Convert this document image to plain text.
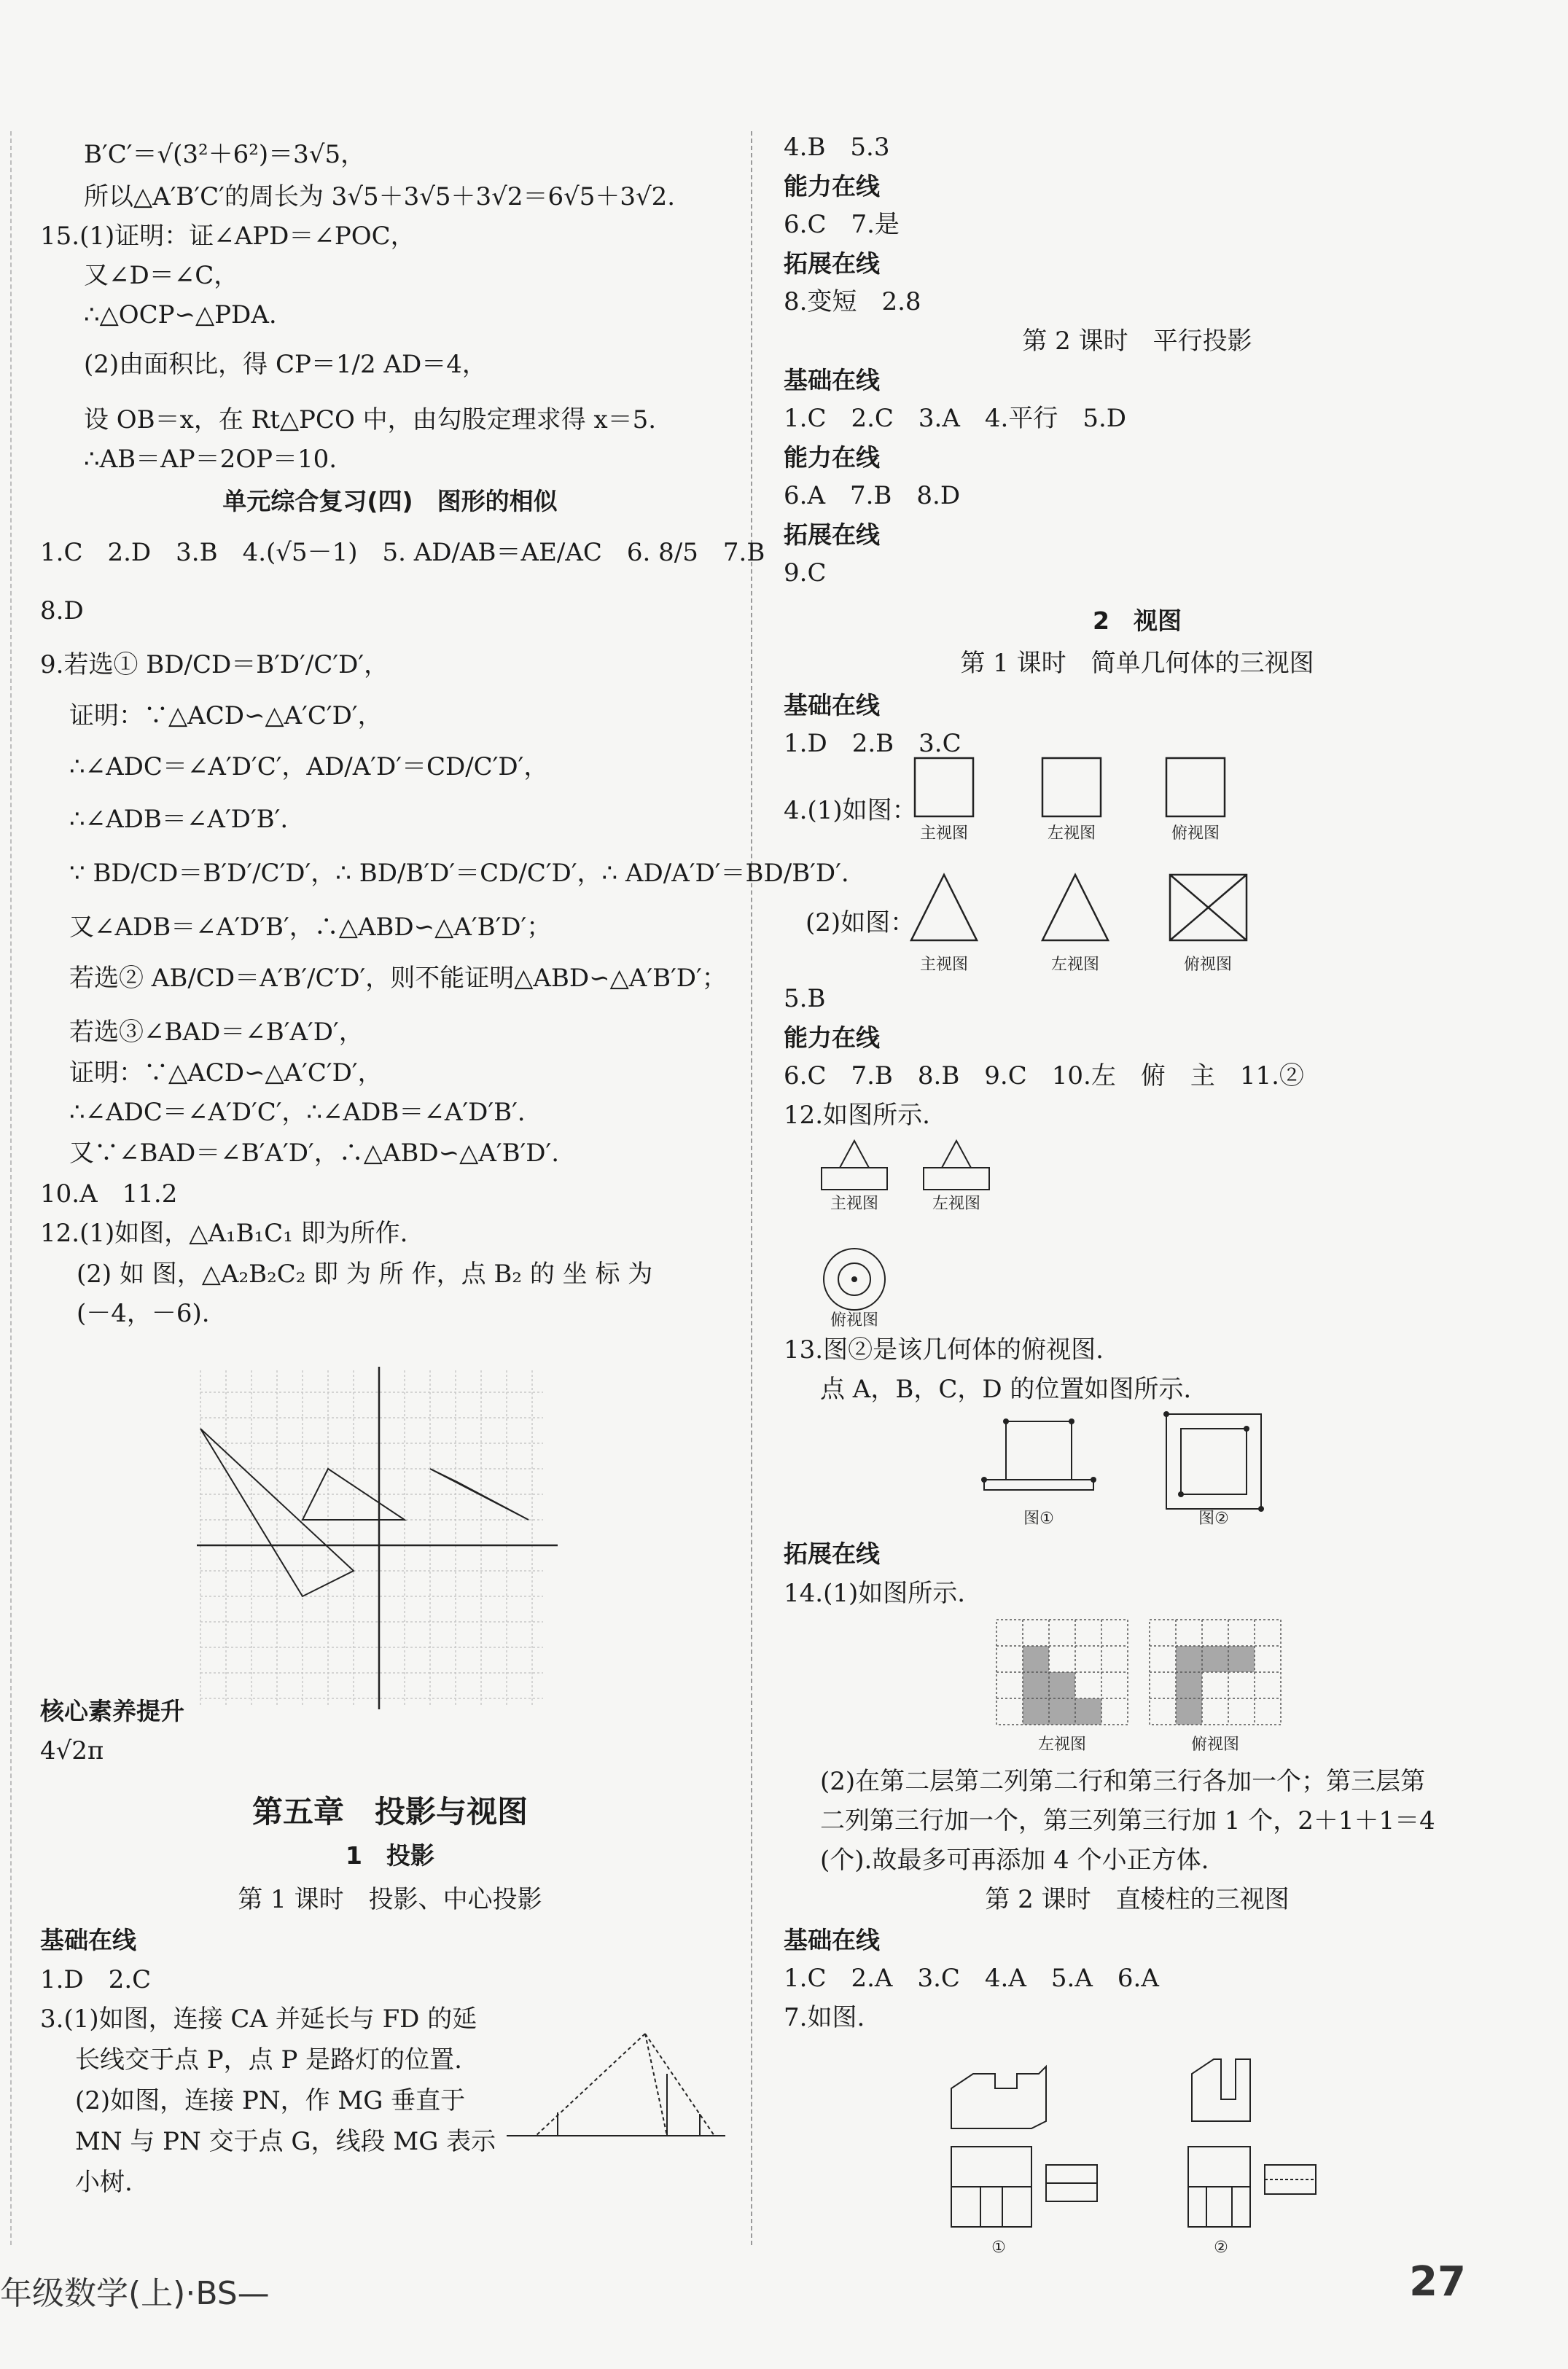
B′C′＝√(3²＋6²)＝3√5，
所以△A′B′C′的周长为 3√5＋3√5＋3√2＝6√5＋3√2.
15.(1)证明：证∠APD＝∠POC，
又∠D＝∠C，
∴△OCP∽△PDA.
(2)由面积比，得 CP＝1/2 AD＝4，
设 OB＝x，在 Rt△PCO 中，由勾股定理求得 x＝5.
∴AB＝AP＝2OP＝10.
单元综合复习(四)　图形的相似
1.C　2.D　3.B　4.(√5－1)　5. AD/AB＝AE/AC　6. 8/5　7.B
8.D
9.若选① BD/CD＝B′D′/C′D′，
证明：∵△ACD∽△A′C′D′，
∴∠ADC＝∠A′D′C′，AD/A′D′＝CD/C′D′，
∴∠ADB＝∠A′D′B′.
∵ BD/CD＝B′D′/C′D′，∴ BD/B′D′＝CD/C′D′，∴ AD/A′D′＝BD/B′D′.
又∠ADB＝∠A′D′B′，∴△ABD∽△A′B′D′；
若选② AB/CD＝A′B′/C′D′，则不能证明△ABD∽△A′B′D′；
若选③∠BAD＝∠B′A′D′，
证明：∵△ACD∽△A′C′D′，
∴∠ADC＝∠A′D′C′，∴∠ADB＝∠A′D′B′.
又∵∠BAD＝∠B′A′D′，∴△ABD∽△A′B′D′.
10.A　11.2
12.(1)如图，△A₁B₁C₁ 即为所作.
(2) 如 图，△A₂B₂C₂ 即 为 所 作，点 B₂ 的 坐 标 为
(－4，－6).
核心素养提升
4√2π
第五章　投影与视图
1　投影
第 1 课时　投影、中心投影
基础在线
1.D　2.C
3.(1)如图，连接 CA 并延长与 FD 的延
长线交于点 P，点 P 是路灯的位置.
(2)如图，连接 PN，作 MG 垂直于
MN 与 PN 交于点 G，线段 MG 表示
小树.
4.B　5.3
能力在线
6.C　7.是
拓展在线
8.变短　2.8
第 2 课时　平行投影
基础在线
1.C　2.C　3.A　4.平行　5.D
能力在线
6.A　7.B　8.D
拓展在线
9.C
2　视图
第 1 课时　简单几何体的三视图
基础在线
1.D　2.B　3.C
4.(1)如图：
主视图	左视图	俯视图
(2)如图：
主视图	左视图	俯视图
5.B
能力在线
6.C　7.B　8.B　9.C　10.左　俯　主　11.②
12.如图所示.
主视图	左视图
俯视图
13.图②是该几何体的俯视图.
点 A，B，C，D 的位置如图所示.
图①	图②
拓展在线
14.(1)如图所示.
左视图	俯视图
(2)在第二层第二列第二行和第三行各加一个；第三层第
二列第三行加一个，第三列第三行加 1 个，2＋1＋1＝4
(个).故最多可再添加 4 个小正方体.
第 2 课时　直棱柱的三视图
基础在线
1.C　2.A　3.C　4.A　5.A　6.A
7.如图.
①	②
年级数学(上)·BS—	27
